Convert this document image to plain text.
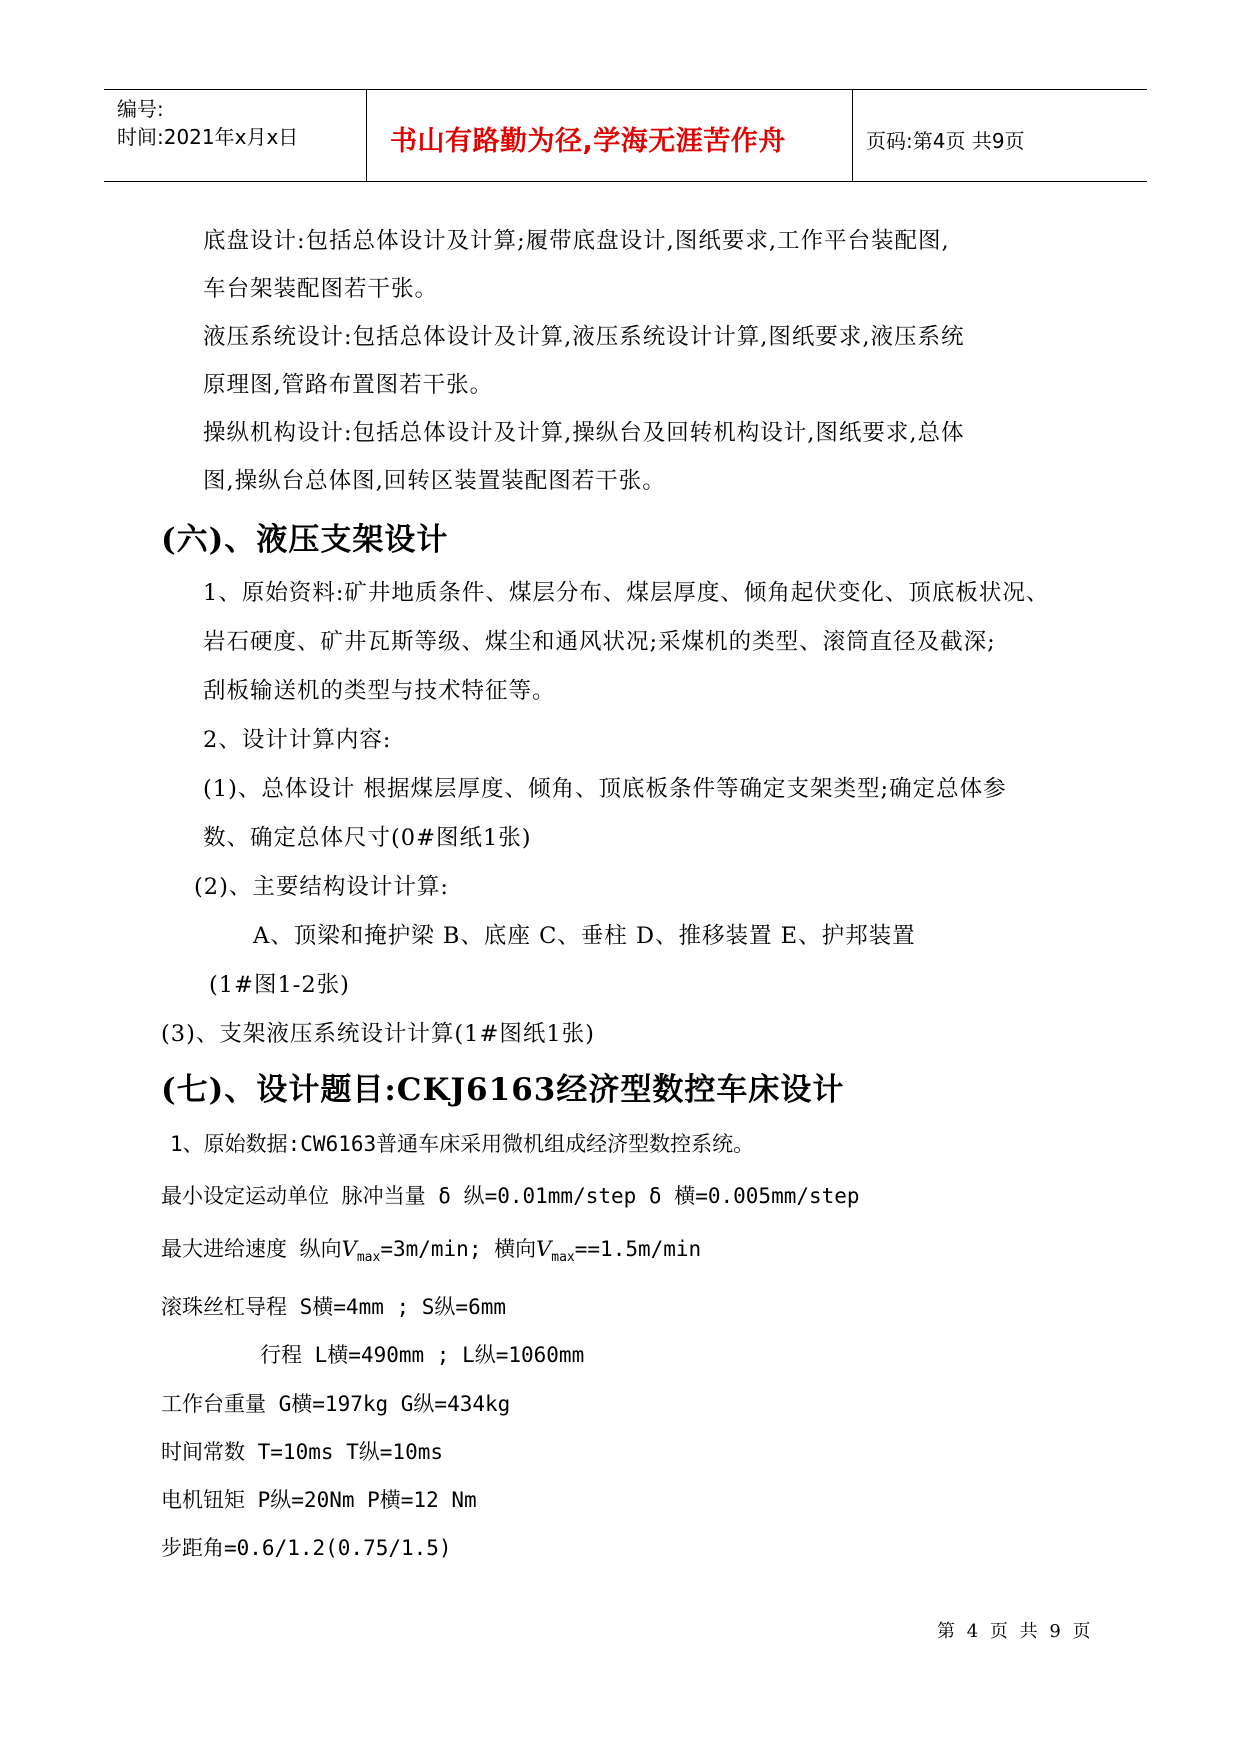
编号:
时间:2021年x月x日	书山有路勤为径,学海无涯苦作舟	页码:第4页 共9页
底盘设计:包括总体设计及计算;履带底盘设计,图纸要求,工作平台装配图,
车台架装配图若干张。
液压系统设计:包括总体设计及计算,液压系统设计计算,图纸要求,液压系统
原理图,管路布置图若干张。
操纵机构设计:包括总体设计及计算,操纵台及回转机构设计,图纸要求,总体
图,操纵台总体图,回转区装置装配图若干张。
(六)、液压支架设计
1、原始资料:矿井地质条件、煤层分布、煤层厚度、倾角起伏变化、顶底板状况、
岩石硬度、矿井瓦斯等级、煤尘和通风状况;采煤机的类型、滚筒直径及截深;
刮板输送机的类型与技术特征等。
2、设计计算内容:
(1)、总体设计 根据煤层厚度、倾角、顶底板条件等确定支架类型;确定总体参
数、确定总体尺寸(0#图纸1张)
(2)、主要结构设计计算:
A、顶梁和掩护梁 B、底座 C、垂柱 D、推移装置 E、护邦装置
(1#图1-2张)
(3)、支架液压系统设计计算(1#图纸1张)
(七)、设计题目:CKJ6163经济型数控车床设计
1、原始数据:CW6163普通车床采用微机组成经济型数控系统。
最小设定运动单位 脉冲当量 δ 纵=0.01mm/step δ 横=0.005mm/step
最大进给速度 纵向$V_{max}=3m/\min$; 横向$V_{max}==1.5m/\min$
滚珠丝杠导程 S横=4mm ; S纵=6mm
行程 L横=490mm ; L纵=1060mm
工作台重量 G横=197kg G纵=434kg
时间常数 T=10ms T纵=10ms
电机钮矩 P纵=20Nm P横=12 Nm
步距角=0.6/1.2(0.75/1.5)
第 4 页 共 9 页
